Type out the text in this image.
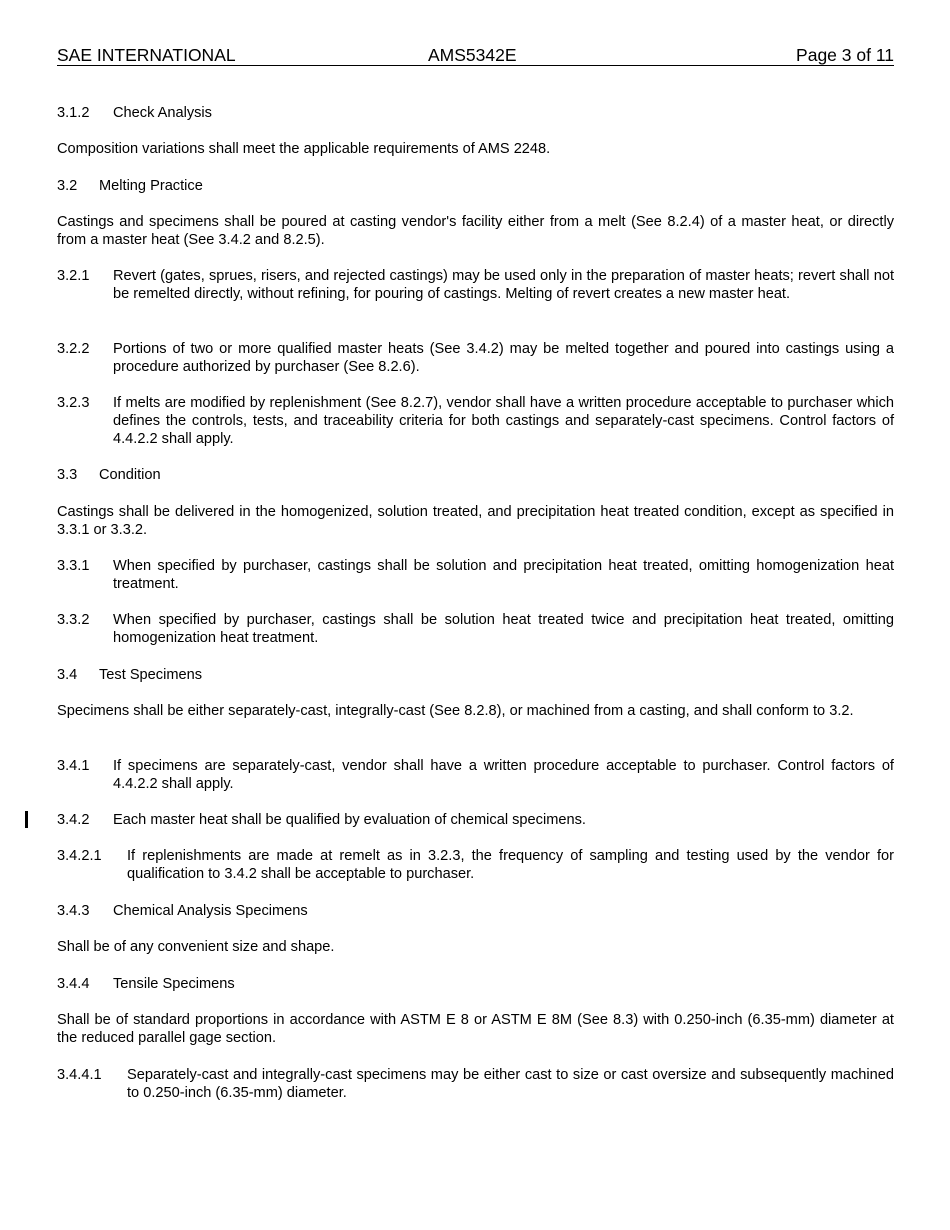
SAE INTERNATIONAL	AMS5342E	Page 3 of 11
3.1.2 Check Analysis
Composition variations shall meet the applicable requirements of AMS 2248.
3.2 Melting Practice
Castings and specimens shall be poured at casting vendor's facility either from a melt (See 8.2.4) of a master heat, or directly from a master heat (See 3.4.2 and 8.2.5).
3.2.1	Revert (gates, sprues, risers, and rejected castings) may be used only in the preparation of master heats; revert shall not be remelted directly, without refining, for pouring of castings. Melting of revert creates a new master heat.
3.2.2	Portions of two or more qualified master heats (See 3.4.2) may be melted together and poured into castings using a procedure authorized by purchaser (See 8.2.6).
3.2.3	If melts are modified by replenishment (See 8.2.7), vendor shall have a written procedure acceptable to purchaser which defines the controls, tests, and traceability criteria for both castings and separately-cast specimens. Control factors of 4.4.2.2 shall apply.
3.3 Condition
Castings shall be delivered in the homogenized, solution treated, and precipitation heat treated condition, except as specified in 3.3.1 or 3.3.2.
3.3.1	When specified by purchaser, castings shall be solution and precipitation heat treated, omitting homogenization heat treatment.
3.3.2	When specified by purchaser, castings shall be solution heat treated twice and precipitation heat treated, omitting homogenization heat treatment.
3.4 Test Specimens
Specimens shall be either separately-cast, integrally-cast (See 8.2.8), or machined from a casting, and shall conform to 3.2.
3.4.1	If specimens are separately-cast, vendor shall have a written procedure acceptable to purchaser. Control factors of 4.4.2.2 shall apply.
3.4.2	Each master heat shall be qualified by evaluation of chemical specimens.
3.4.2.1	If replenishments are made at remelt as in 3.2.3, the frequency of sampling and testing used by the vendor for qualification to 3.4.2 shall be acceptable to purchaser.
3.4.3 Chemical Analysis Specimens
Shall be of any convenient size and shape.
3.4.4 Tensile Specimens
Shall be of standard proportions in accordance with ASTM E 8 or ASTM E 8M (See 8.3) with 0.250-inch (6.35-mm) diameter at the reduced parallel gage section.
3.4.4.1	Separately-cast and integrally-cast specimens may be either cast to size or cast oversize and subsequently machined to 0.250-inch (6.35-mm) diameter.
